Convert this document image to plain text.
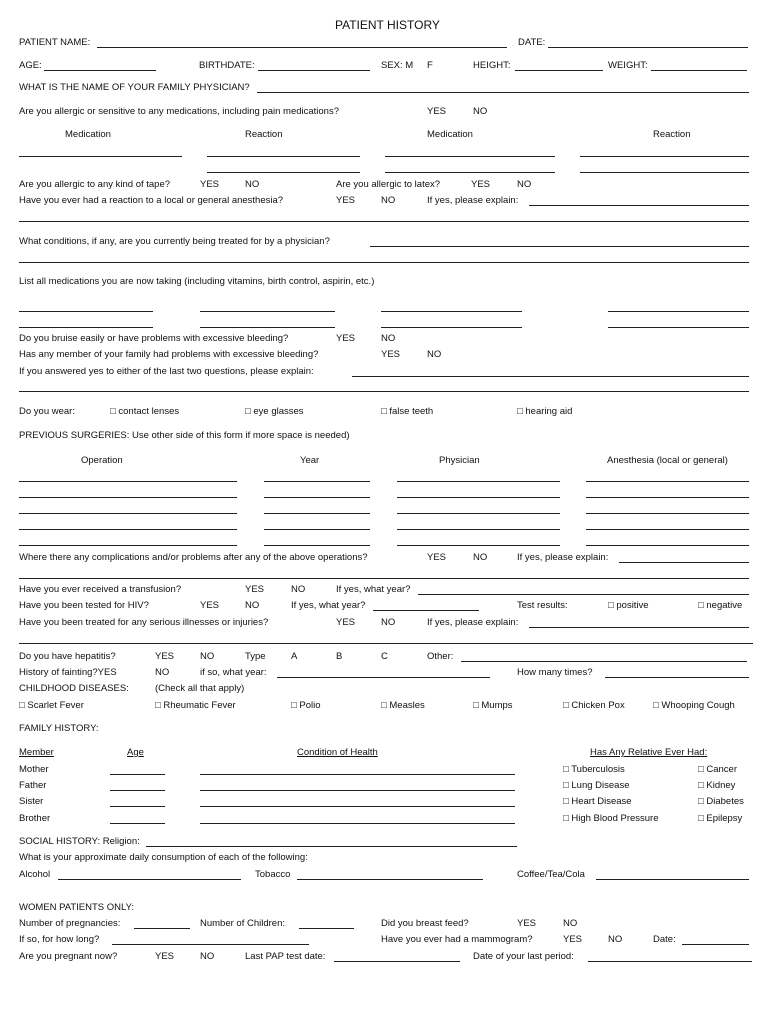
PATIENT HISTORY
PATIENT NAME:	DATE:
AGE:	BIRTHDATE:	SEX: M F	HEIGHT:	WEIGHT:
WHAT IS THE NAME OF YOUR FAMILY PHYSICIAN?
Are you allergic or sensitive to any medications, including pain medications?	YES	NO
Medication	Reaction	Medication	Reaction
Are you allergic to any kind of tape?	YES	NO	Are you allergic to latex?	YES	NO
Have you ever had a reaction to a local or general anesthesia?	YES	NO	If yes, please explain:
What conditions, if any, are you currently being treated for by a physician?
List all medications you are now taking (including vitamins, birth control, aspirin, etc.)
Do you bruise easily or have problems with excessive bleeding?	YES	NO
Has any member of your family had problems with excessive bleeding?	YES	NO
If you answered yes to either of the last two questions, please explain:
Do you wear:	□ contact lenses	□ eye glasses	□ false teeth	□ hearing aid
PREVIOUS SURGERIES: Use other side of this form if more space is needed)
Operation	Year	Physician	Anesthesia (local or general)
Where there any complications and/or problems after any of the above operations?	YES	NO	If yes, please explain:
Have you ever received a transfusion?	YES	NO	If yes, what year?
Have you been tested for HIV?	YES	NO	If yes, what year?	Test results:	□ positive	□ negative
Have you been treated for any serious illnesses or injuries?	YES	NO	If yes, please explain:
Do you have hepatitis?	YES	NO	Type	A	B	C	Other:
History of fainting?YES	NO	if so, what year:	How many times?
CHILDHOOD DISEASES:	(Check all that apply)
□ Scarlet Fever	□ Rheumatic Fever	□ Polio	□ Measles	□ Mumps	□ Chicken Pox	□ Whooping Cough
FAMILY HISTORY:
Member	Age	Condition of Health	Has Any Relative Ever Had:
Mother	□ Tuberculosis	□ Cancer
Father	□ Lung Disease	□ Kidney
Sister	□ Heart Disease	□ Diabetes
Brother	□ High Blood Pressure	□ Epilepsy
SOCIAL HISTORY: Religion:
What is your approximate daily consumption of each of the following:
Alcohol	Tobacco	Coffee/Tea/Cola
WOMEN PATIENTS ONLY:
Number of pregnancies:	Number of Children:	Did you breast feed?	YES	NO
If so, for how long?	Have you ever had a mammogram?	YES	NO	Date:
Are you pregnant now?	YES	NO	Last PAP test date:	Date of your last period:
